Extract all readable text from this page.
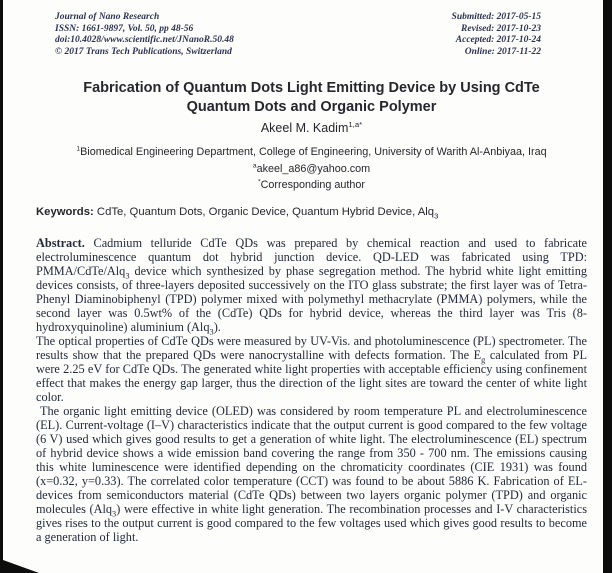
Journal of Nano Research
ISSN: 1661-9897, Vol. 50, pp 48-56
doi:10.4028/www.scientific.net/JNanoR.50.48
© 2017 Trans Tech Publications, Switzerland
Submitted: 2017-05-15
Revised: 2017-10-23
Accepted: 2017-10-24
Online: 2017-11-22
Fabrication of Quantum Dots Light Emitting Device by Using CdTe Quantum Dots and Organic Polymer
Akeel M. Kadim$^{1,a*}$
$^1$Biomedical Engineering Department, College of Engineering, University of Warith Al-Anbiyaa, Iraq
$^a$akeel_a86@yahoo.com
*Corresponding author
Keywords: CdTe, Quantum Dots, Organic Device, Quantum Hybrid Device, Alq$_3$

Abstract. Cadmium telluride CdTe QDs was prepared by chemical reaction and used to fabricate electroluminescence quantum dot hybrid junction device. QD-LED was fabricated using TPD: PMMA/CdTe/Alq$_3$ device which synthesized by phase segregation method. The hybrid white light emitting devices consists, of three-layers deposited successively on the ITO glass substrate; the first layer was of Tetra-Phenyl Diaminobiphenyl (TPD) polymer mixed with polymethyl methacrylate (PMMA) polymers, while the second layer was 0.5wt% of the (CdTe) QDs for hybrid device, whereas the third layer was Tris (8-hydroxyquinoline) aluminium (Alq$_3$).

The optical properties of CdTe QDs were measured by UV-Vis. and photoluminescence (PL) spectrometer. The results show that the prepared QDs were nanocrystalline with defects formation. The $E_g$ calculated from PL were 2.25 eV for CdTe QDs. The generated white light properties with acceptable efficiency using confinement effect that makes the energy gap larger, thus the direction of the light sites are toward the center of white light color.

The organic light emitting device (OLED) was considered by room temperature PL and electroluminescence (EL). Current-voltage (I–V) characteristics indicate that the output current is good compared to the few voltage (6 V) used which gives good results to get a generation of white light. The electroluminescence (EL) spectrum of hybrid device shows a wide emission band covering the range from 350 - 700 nm. The emissions causing this white luminescence were identified depending on the chromaticity coordinates (CIE 1931) was found (x=0.32, y=0.33). The correlated color temperature (CCT) was found to be about 5886 K. Fabrication of EL-devices from semiconductors material (CdTe QDs) between two layers organic polymer (TPD) and organic molecules (Alq$_3$) were effective in white light generation. The recombination processes and I-V characteristics gives rises to the output current is good compared to the few voltages used which gives good results to become a generation of light.
